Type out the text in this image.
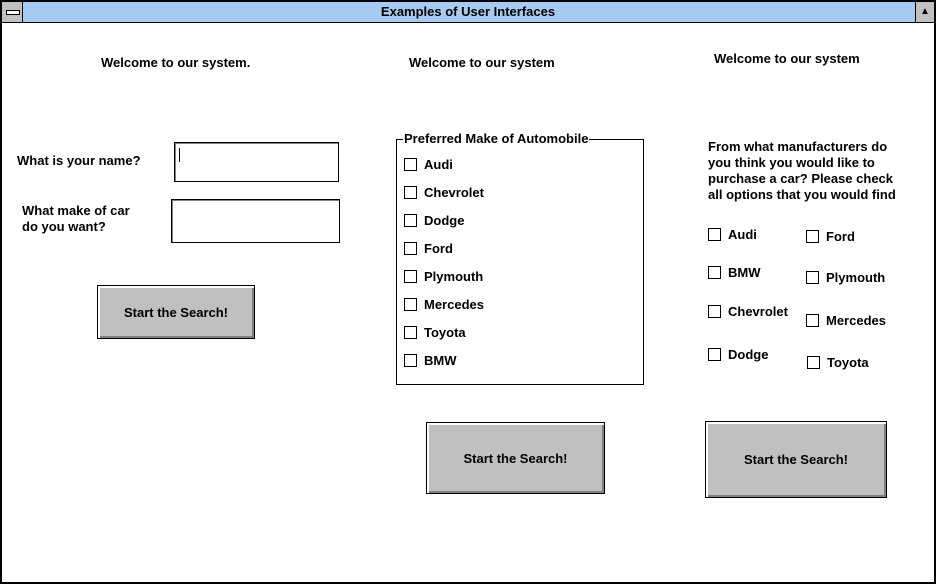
Examples of User Interfaces	▲
Welcome to our system.
What is your name?
What make of car
do you want?
Start the Search!
Welcome to our system
Preferred Make of Automobile
Audi
Chevrolet
Dodge
Ford
Plymouth
Mercedes
Toyota
BMW
Start the Search!
Welcome to our system
From what manufacturers do
you think you would like to
purchase a car? Please check
all options that you would find
Audi
BMW
Chevrolet
Dodge
Ford
Plymouth
Mercedes
Toyota
Start the Search!
